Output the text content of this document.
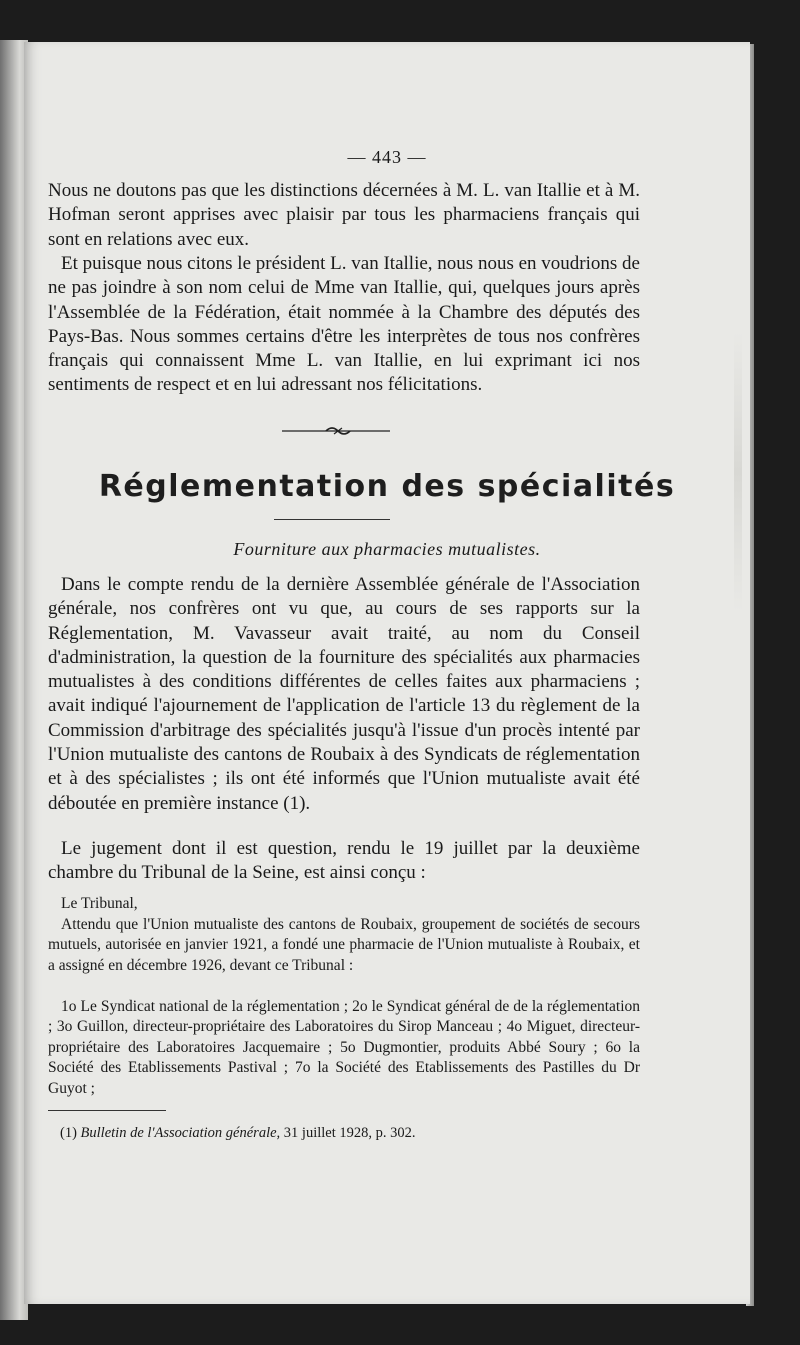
— 443 —

Nous ne doutons pas que les distinctions décernées à M. L. van Itallie et à M. Hofman seront apprises avec plaisir par tous les pharmaciens français qui sont en relations avec eux.

Et puisque nous citons le président L. van Itallie, nous nous en voudrions de ne pas joindre à son nom celui de Mme van Itallie, qui, quelques jours après l'Assemblée de la Fédération, était nommée à la Chambre des députés des Pays-Bas. Nous sommes certains d'être les interprètes de tous nos confrères français qui connaissent Mme L. van Itallie, en lui exprimant ici nos sentiments de respect et en lui adressant nos félicitations.

Réglementation des spécialités

Fourniture aux pharmacies mutualistes.

Dans le compte rendu de la dernière Assemblée générale de l'Association générale, nos confrères ont vu que, au cours de ses rapports sur la Réglementation, M. Vavasseur avait traité, au nom du Conseil d'administration, la question de la fourniture des spécialités aux pharmacies mutualistes à des conditions différentes de celles faites aux pharmaciens ; avait indiqué l'ajournement de l'application de l'article 13 du règlement de la Commission d'arbitrage des spécialités jusqu'à l'issue d'un procès intenté par l'Union mutualiste des cantons de Roubaix à des Syndicats de réglementation et à des spécialistes ; ils ont été informés que l'Union mutualiste avait été déboutée en première instance (1).

Le jugement dont il est question, rendu le 19 juillet par la deuxième chambre du Tribunal de la Seine, est ainsi conçu :

Le Tribunal,

Attendu que l'Union mutualiste des cantons de Roubaix, groupement de sociétés de secours mutuels, autorisée en janvier 1921, a fondé une pharmacie de l'Union mutualiste à Roubaix, et a assigné en décembre 1926, devant ce Tribunal :

1o Le Syndicat national de la réglementation ; 2o le Syndicat général de de la réglementation ; 3o Guillon, directeur-propriétaire des Laboratoires du Sirop Manceau ; 4o Miguet, directeur-propriétaire des Laboratoires Jacquemaire ; 5o Dugmontier, produits Abbé Soury ; 6o la Société des Etablissements Pastival ; 7o la Société des Etablissements des Pastilles du Dr Guyot ;

(1) Bulletin de l'Association générale, 31 juillet 1928, p. 302.
